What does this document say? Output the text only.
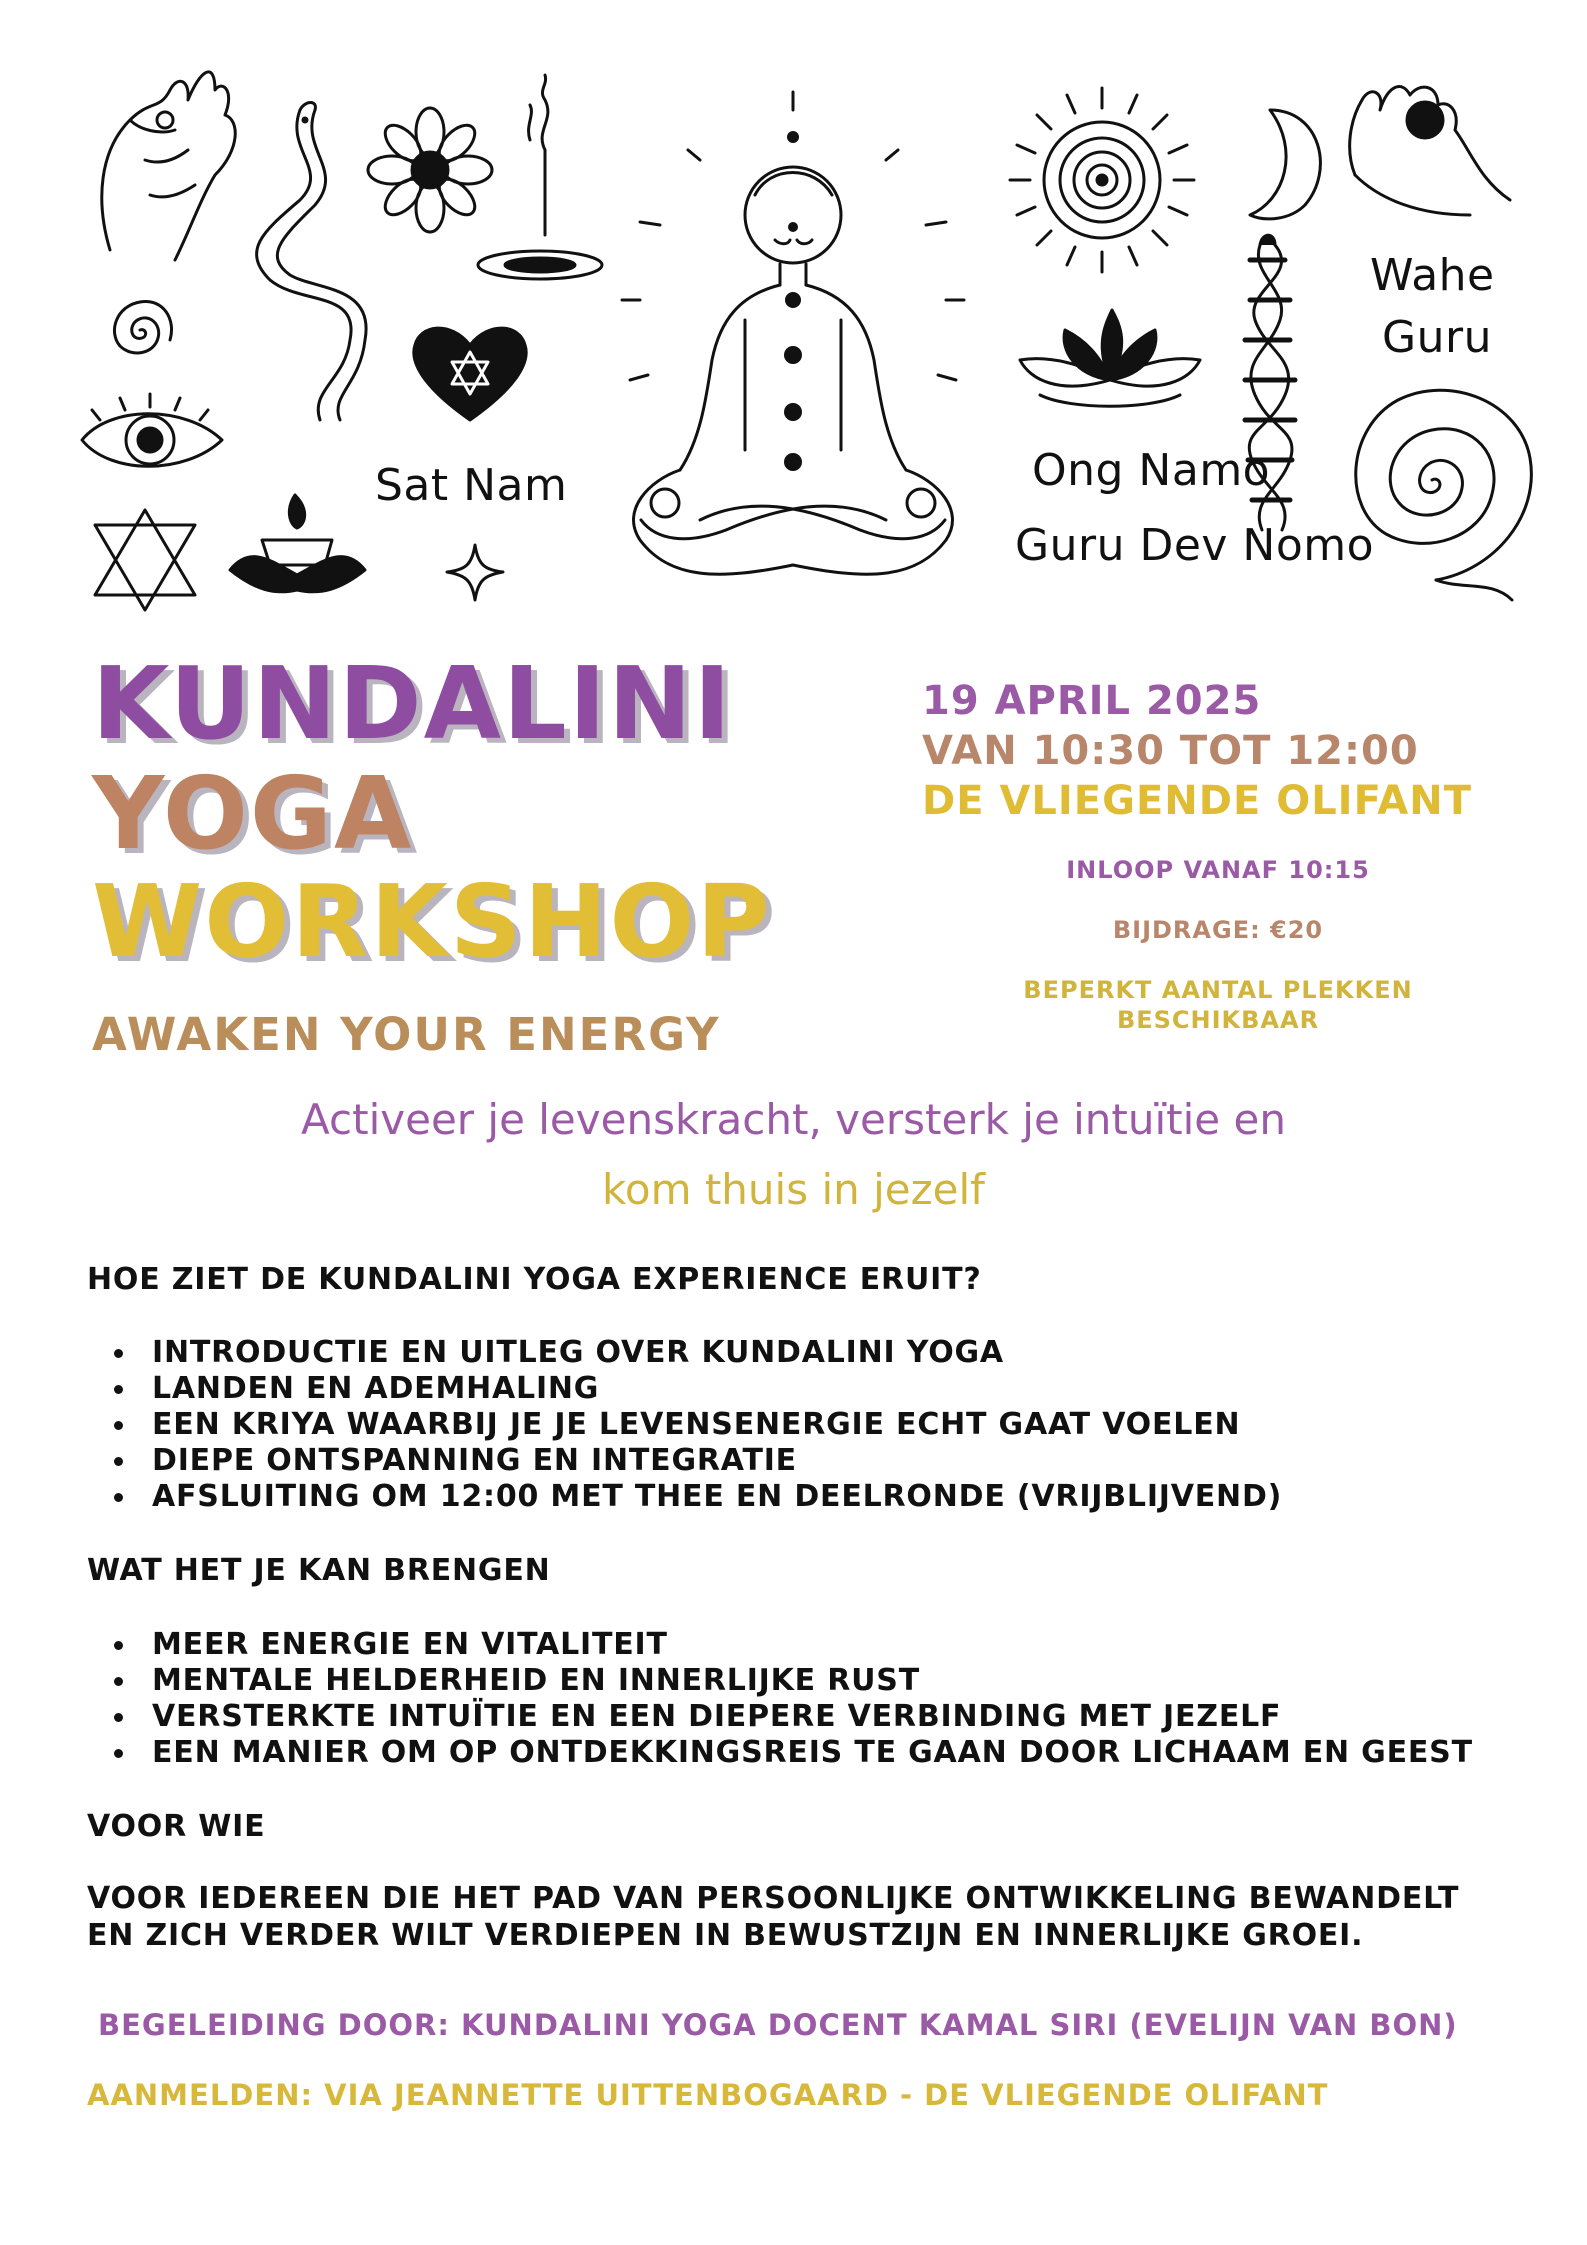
Sat Nam
Wahe
Guru
Ong Namo
Guru Dev Nomo
KUNDALINI
YOGA
WORKSHOP
AWAKEN YOUR ENERGY
19 APRIL 2025
VAN 10:30 TOT 12:00
DE VLIEGENDE OLIFANT
INLOOP VANAF 10:15
BIJDRAGE: €20
BEPERKT AANTAL PLEKKEN
BESCHIKBAAR
Activeer je levenskracht, versterk je intuïtie en
kom thuis in jezelf
HOE ZIET DE KUNDALINI YOGA EXPERIENCE ERUIT?
INTRODUCTIE EN UITLEG OVER KUNDALINI YOGA
LANDEN EN ADEMHALING
EEN KRIYA WAARBIJ JE JE LEVENSENERGIE ECHT GAAT VOELEN
DIEPE ONTSPANNING EN INTEGRATIE
AFSLUITING OM 12:00 MET THEE EN DEELRONDE (VRIJBLIJVEND)
WAT HET JE KAN BRENGEN
MEER ENERGIE EN VITALITEIT
MENTALE HELDERHEID EN INNERLIJKE RUST
VERSTERKTE INTUÏTIE EN EEN DIEPERE VERBINDING MET JEZELF
EEN MANIER OM OP ONTDEKKINGSREIS TE GAAN DOOR LICHAAM EN GEEST
VOOR WIE
VOOR IEDEREEN DIE HET PAD VAN PERSOONLIJKE ONTWIKKELING BEWANDELT EN ZICH VERDER WILT VERDIEPEN IN BEWUSTZIJN EN INNERLIJKE GROEI.
BEGELEIDING DOOR: KUNDALINI YOGA DOCENT KAMAL SIRI (EVELIJN VAN BON)
AANMELDEN: VIA JEANNETTE UITTENBOGAARD - DE VLIEGENDE OLIFANT
